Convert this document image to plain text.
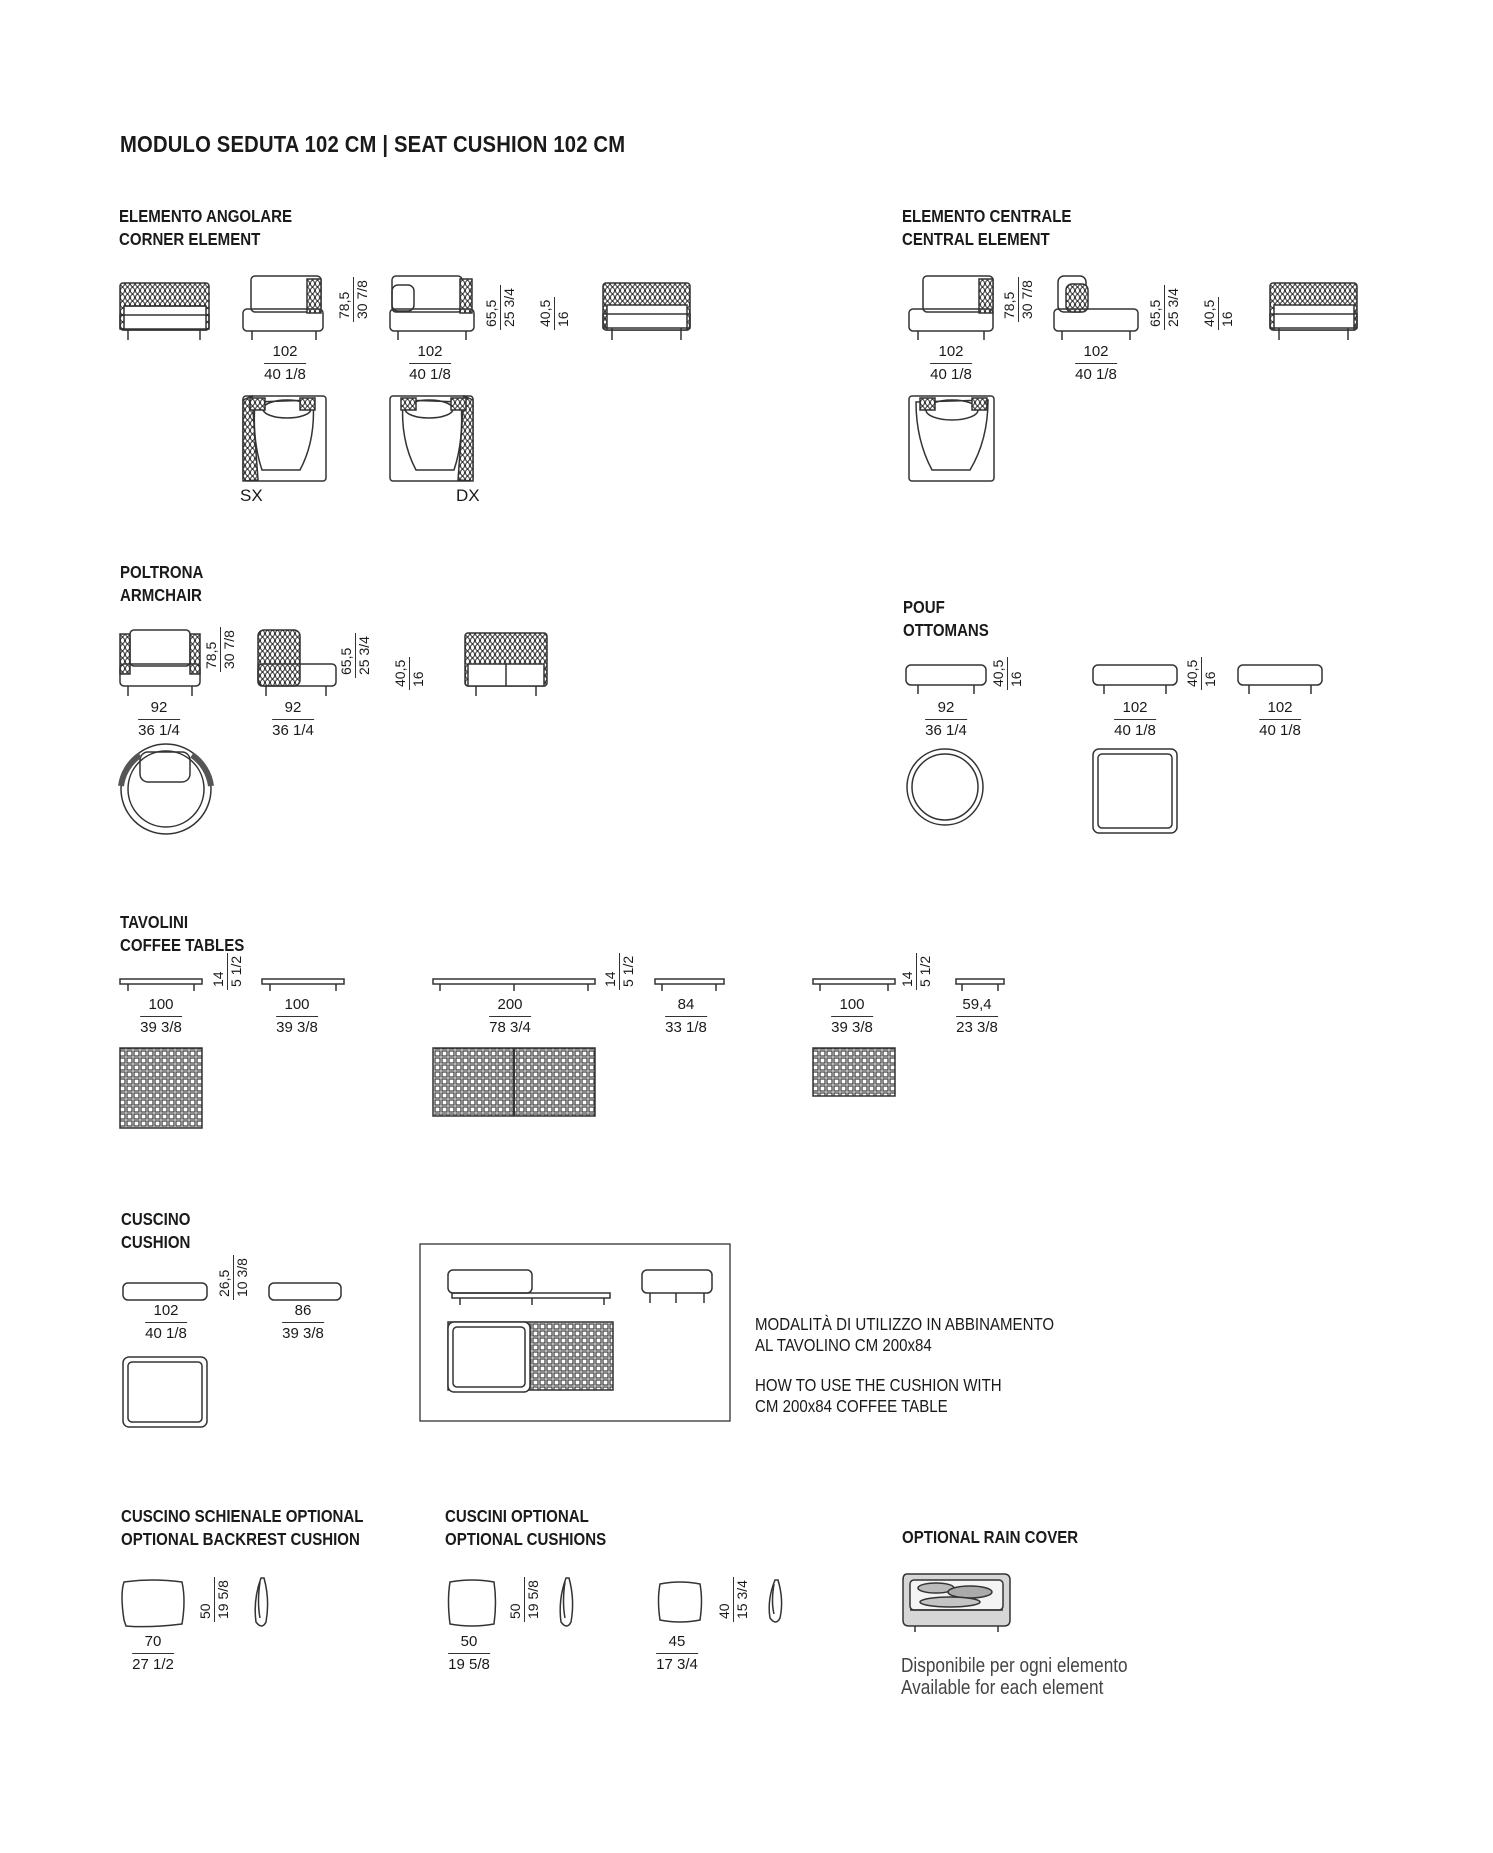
MODULO SEDUTA 102 CM | SEAT CUSHION 102 CM
ELEMENTO ANGOLARE
CORNER ELEMENT
102
40 1/8
102
40 1/8
78,5 30 7/8	65,5 25 3/4 40,5 16
SX	DX
ELEMENTO CENTRALE
CENTRAL ELEMENT
102
40 1/8
102
40 1/8
78,5 30 7/8	65,5 25 3/4 40,5 16
POLTRONA
ARMCHAIR
92
36 1/4
92
36 1/4
78,5 30 7/8	65,5 25 3/4 40,5 16
POUF
OTTOMANS
92
36 1/4
102
40 1/8
102
40 1/8
40,5 16	40,5 16
TAVOLINI
COFFEE TABLES
100
39 3/8
100
39 3/8
200
78 3/4
84
33 1/8
100
39 3/8
59,4
23 3/8
14 5 1/2	14 5 1/2	14 5 1/2
CUSCINO
CUSHION
102
40 1/8
86
39 3/8
26,5 10 3/8
MODALITÀ DI UTILIZZO IN ABBINAMENTO
AL TAVOLINO CM 200x84
HOW TO USE THE CUSHION WITH
CM 200x84 COFFEE TABLE
CUSCINO SCHIENALE OPTIONAL
OPTIONAL BACKREST CUSHION
70
27 1/2
50 19 5/8
CUSCINI OPTIONAL
OPTIONAL CUSHIONS
50
19 5/8
45
17 3/4
50 19 5/8	40 15 3/4
OPTIONAL RAIN COVER
Disponibile per ogni elemento
Available for each element
